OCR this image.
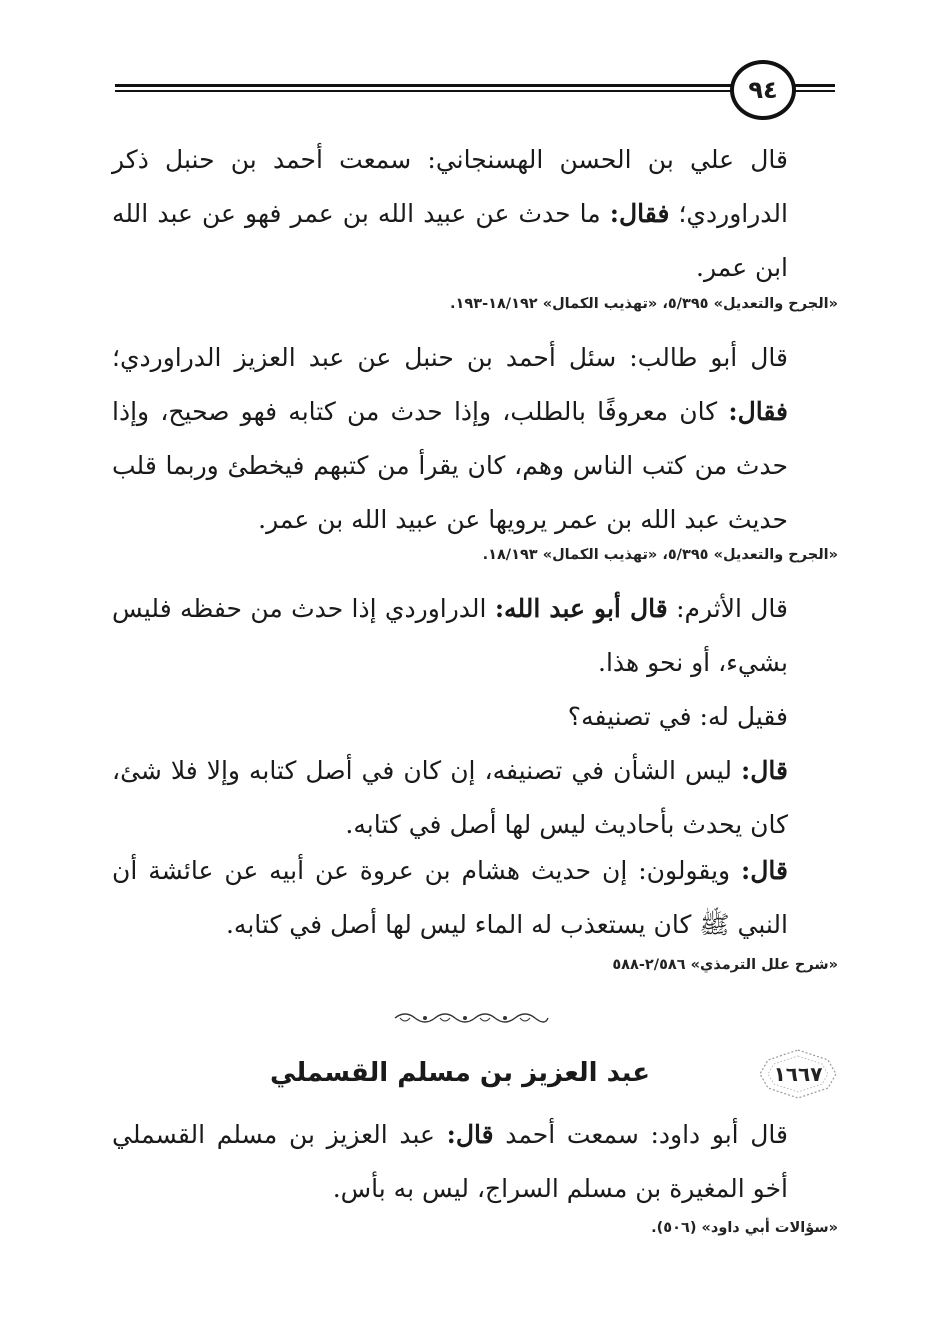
٩٤

قال علي بن الحسن الهسنجاني: سمعت أحمد بن حنبل ذكر الدراوردي؛ فقال: ما حدث عن عبيد الله بن عمر فهو عن عبد الله ابن عمر.

«الجرح والتعديل» ٥/٣٩٥، «تهذيب الكمال» ١٨/١٩٢-١٩٣.

قال أبو طالب: سئل أحمد بن حنبل عن عبد العزيز الدراوردي؛ فقال: كان معروفًا بالطلب، وإذا حدث من كتابه فهو صحيح، وإذا حدث من كتب الناس وهم، كان يقرأ من كتبهم فيخطئ وربما قلب حديث عبد الله بن عمر يرويها عن عبيد الله بن عمر.

«الجرح والتعديل» ٥/٣٩٥، «تهذيب الكمال» ١٨/١٩٣.

قال الأثرم: قال أبو عبد الله: الدراوردي إذا حدث من حفظه فليس بشيء، أو نحو هذا.

فقيل له: في تصنيفه؟

قال: ليس الشأن في تصنيفه، إن كان في أصل كتابه وإلا فلا شئ، كان يحدث بأحاديث ليس لها أصل في كتابه.

قال: ويقولون: إن حديث هشام بن عروة عن أبيه عن عائشة أن النبي ﷺ كان يستعذب له الماء ليس لها أصل في كتابه.

«شرح علل الترمذي» ٢/٥٨٦-٥٨٨
١٦٦٧
عبد العزيز بن مسلم القسملي

قال أبو داود: سمعت أحمد قال: عبد العزيز بن مسلم القسملي أخو المغيرة بن مسلم السراج، ليس به بأس.

«سؤالات أبي داود» (٥٠٦).
